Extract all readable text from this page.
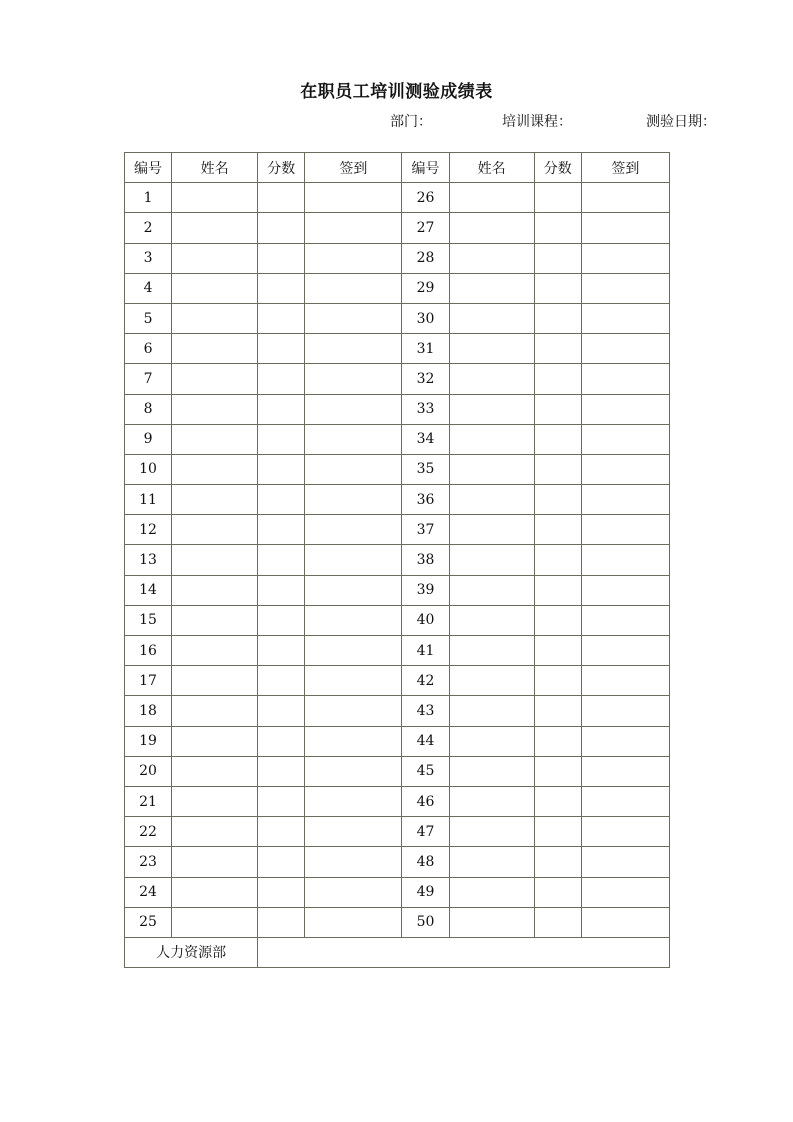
在职员工培训测验成绩表
部门：	培训课程：	测验日期：
编号	姓名	分数	签到	编号	姓名	分数	签到
1				26			
2				27			
3				28			
4				29			
5				30			
6				31			
7				32			
8				33			
9				34			
10				35			
11				36			
12				37			
13				38			
14				39			
15				40			
16				41			
17				42			
18				43			
19				44			
20				45			
21				46			
22				47			
23				48			
24				49			
25				50			
人力资源部							
